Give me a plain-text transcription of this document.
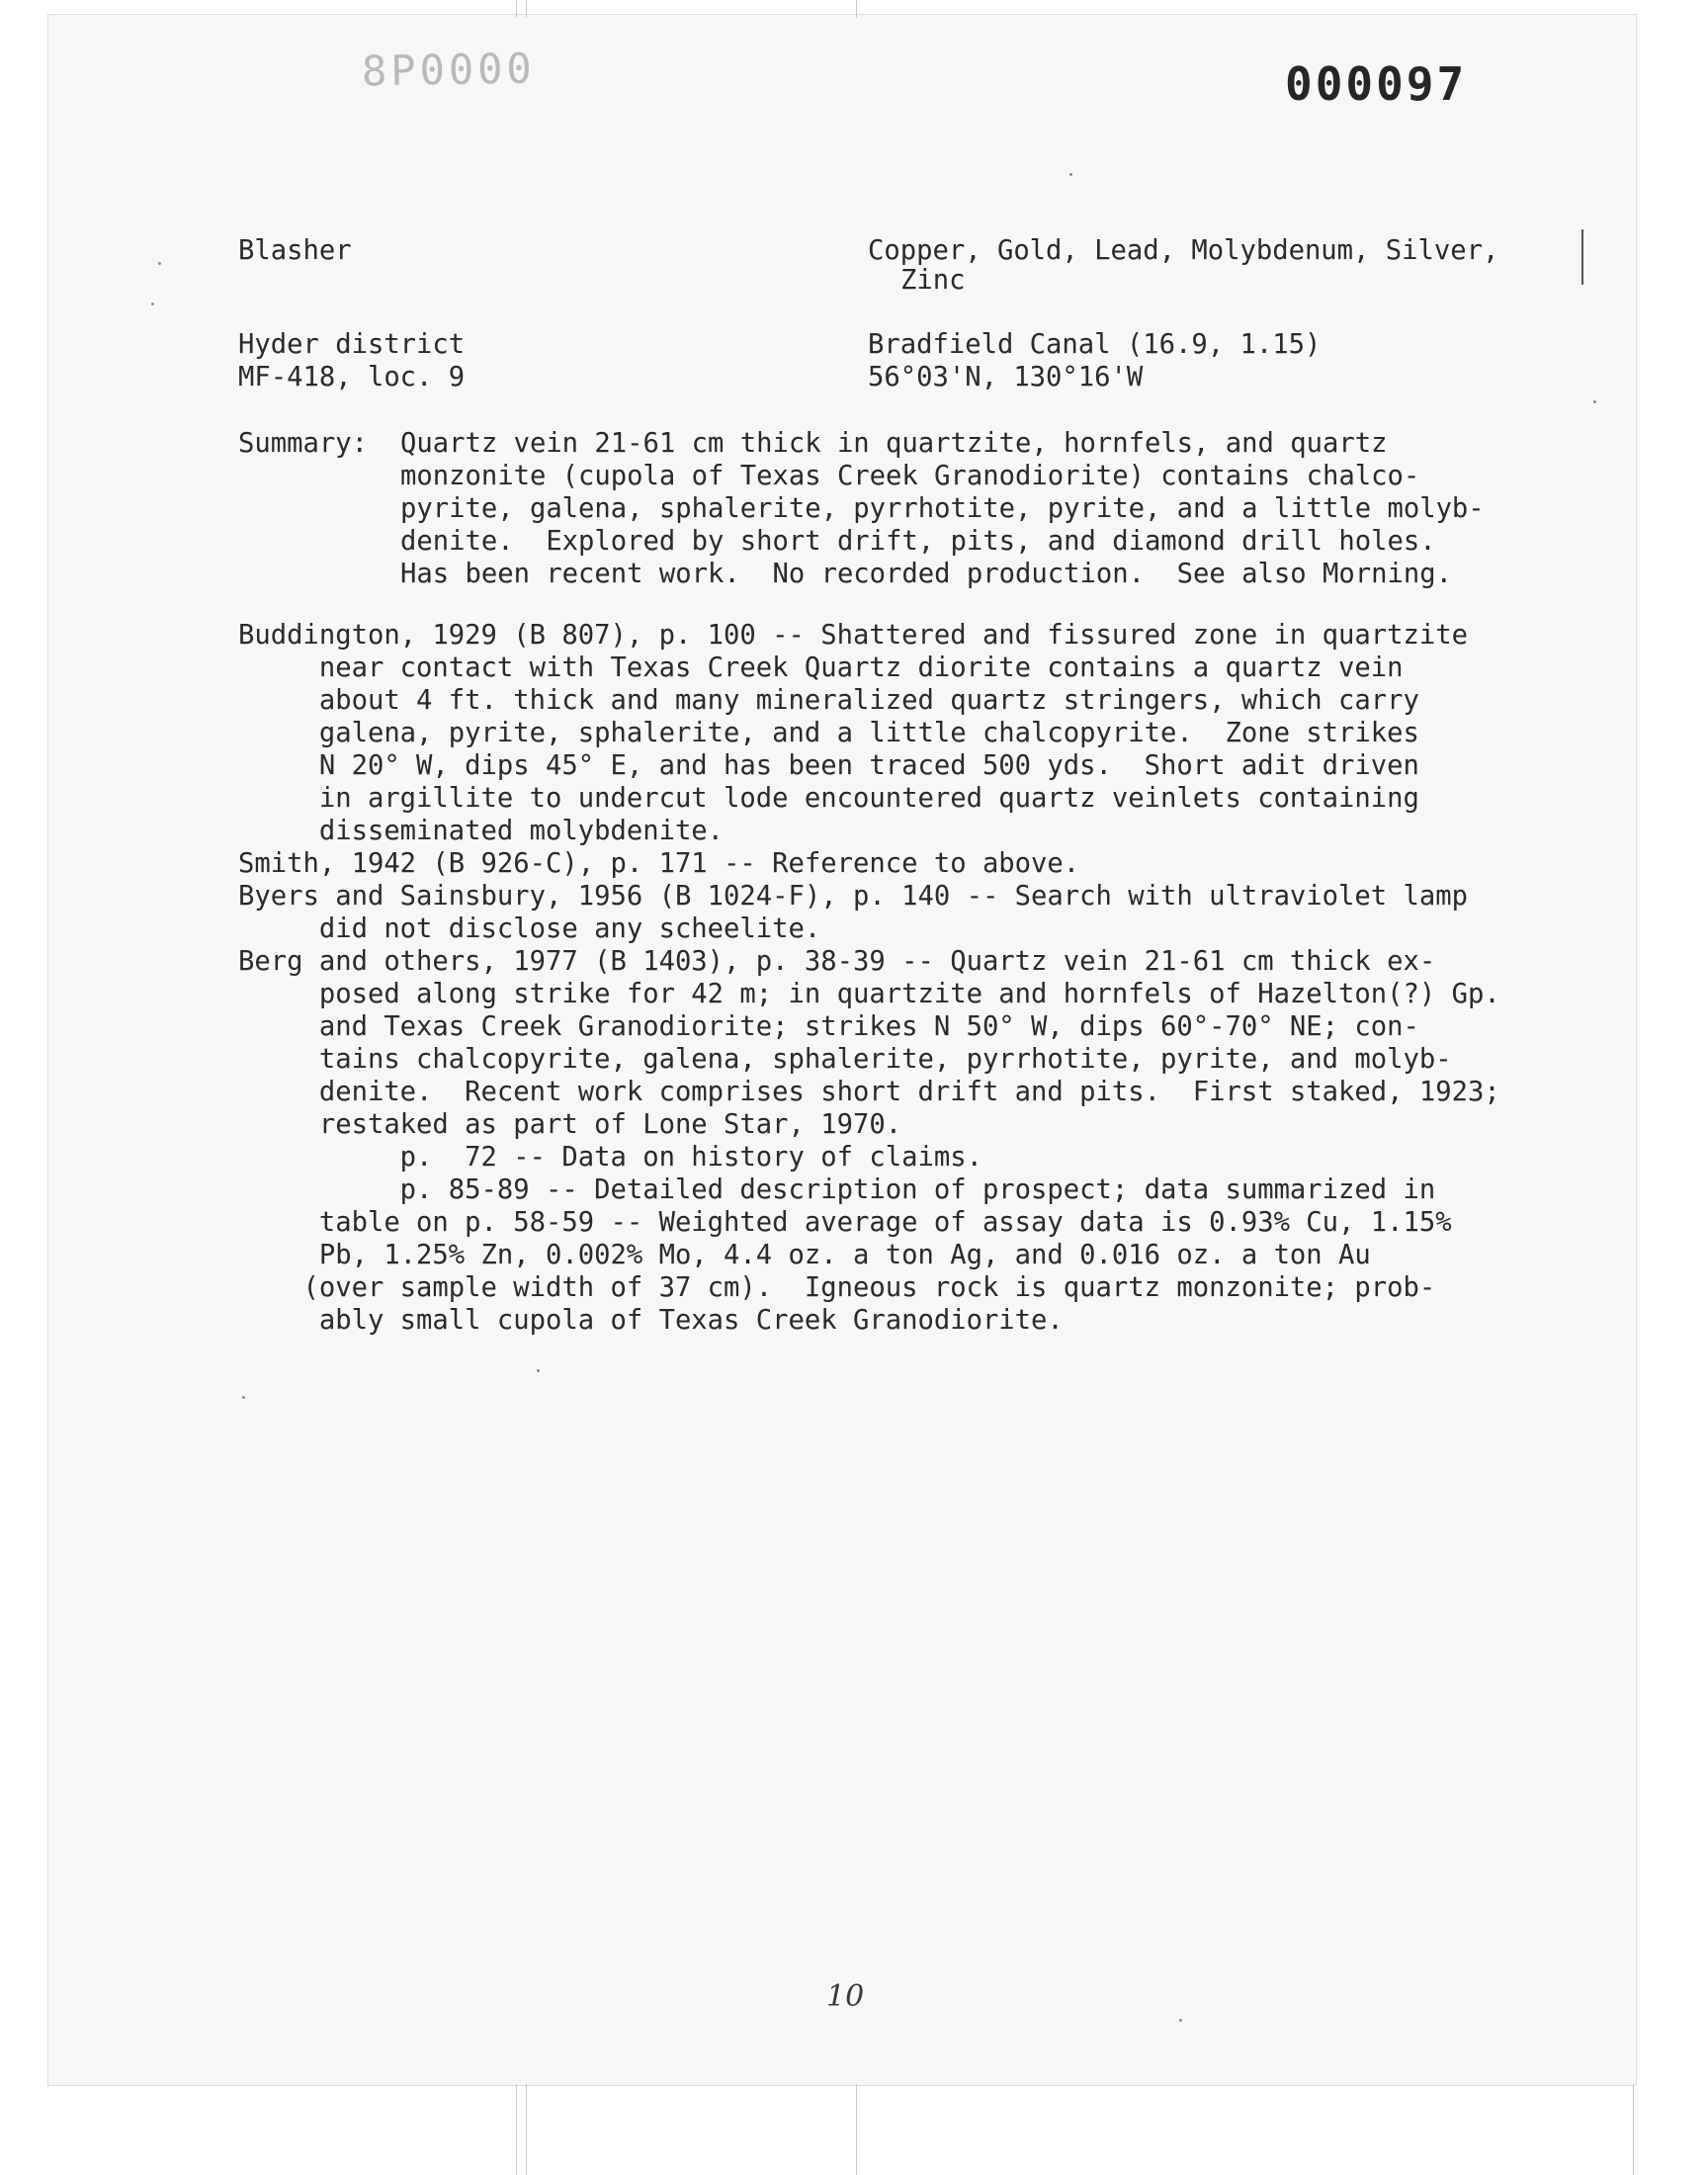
8P0000	000097
Blasher	Copper, Gold, Lead, Molybdenum, Silver,
Zinc
Hyder district
MF-418, loc. 9
Bradfield Canal (16.9, 1.15)
56°03'N, 130°16'W
Summary: Quartz vein 21-61 cm thick in quartzite, hornfels, and quartz
monzonite (cupola of Texas Creek Granodiorite) contains chalco-
pyrite, galena, sphalerite, pyrrhotite, pyrite, and a little molyb-
denite.  Explored by short drift, pits, and diamond drill holes.
Has been recent work.  No recorded production.  See also Morning.
Buddington, 1929 (B 807), p. 100 -- Shattered and fissured zone in quartzite
near contact with Texas Creek Quartz diorite contains a quartz vein
about 4 ft. thick and many mineralized quartz stringers, which carry
galena, pyrite, sphalerite, and a little chalcopyrite.  Zone strikes
N 20° W, dips 45° E, and has been traced 500 yds.  Short adit driven
in argillite to undercut lode encountered quartz veinlets containing
disseminated molybdenite.
Smith, 1942 (B 926-C), p. 171 -- Reference to above.
Byers and Sainsbury, 1956 (B 1024-F), p. 140 -- Search with ultraviolet lamp
did not disclose any scheelite.
Berg and others, 1977 (B 1403), p. 38-39 -- Quartz vein 21-61 cm thick ex-
posed along strike for 42 m; in quartzite and hornfels of Hazelton(?) Gp.
and Texas Creek Granodiorite; strikes N 50° W, dips 60°-70° NE; con-
tains chalcopyrite, galena, sphalerite, pyrrhotite, pyrite, and molyb-
denite.  Recent work comprises short drift and pits.  First staked, 1923;
restaked as part of Lone Star, 1970.
p.  72 -- Data on history of claims.
p. 85-89 -- Detailed description of prospect; data summarized in
table on p. 58-59 -- Weighted average of assay data is 0.93% Cu, 1.15%
Pb, 1.25% Zn, 0.002% Mo, 4.4 oz. a ton Ag, and 0.016 oz. a ton Au
(over sample width of 37 cm).  Igneous rock is quartz monzonite; prob-
ably small cupola of Texas Creek Granodiorite.
10
